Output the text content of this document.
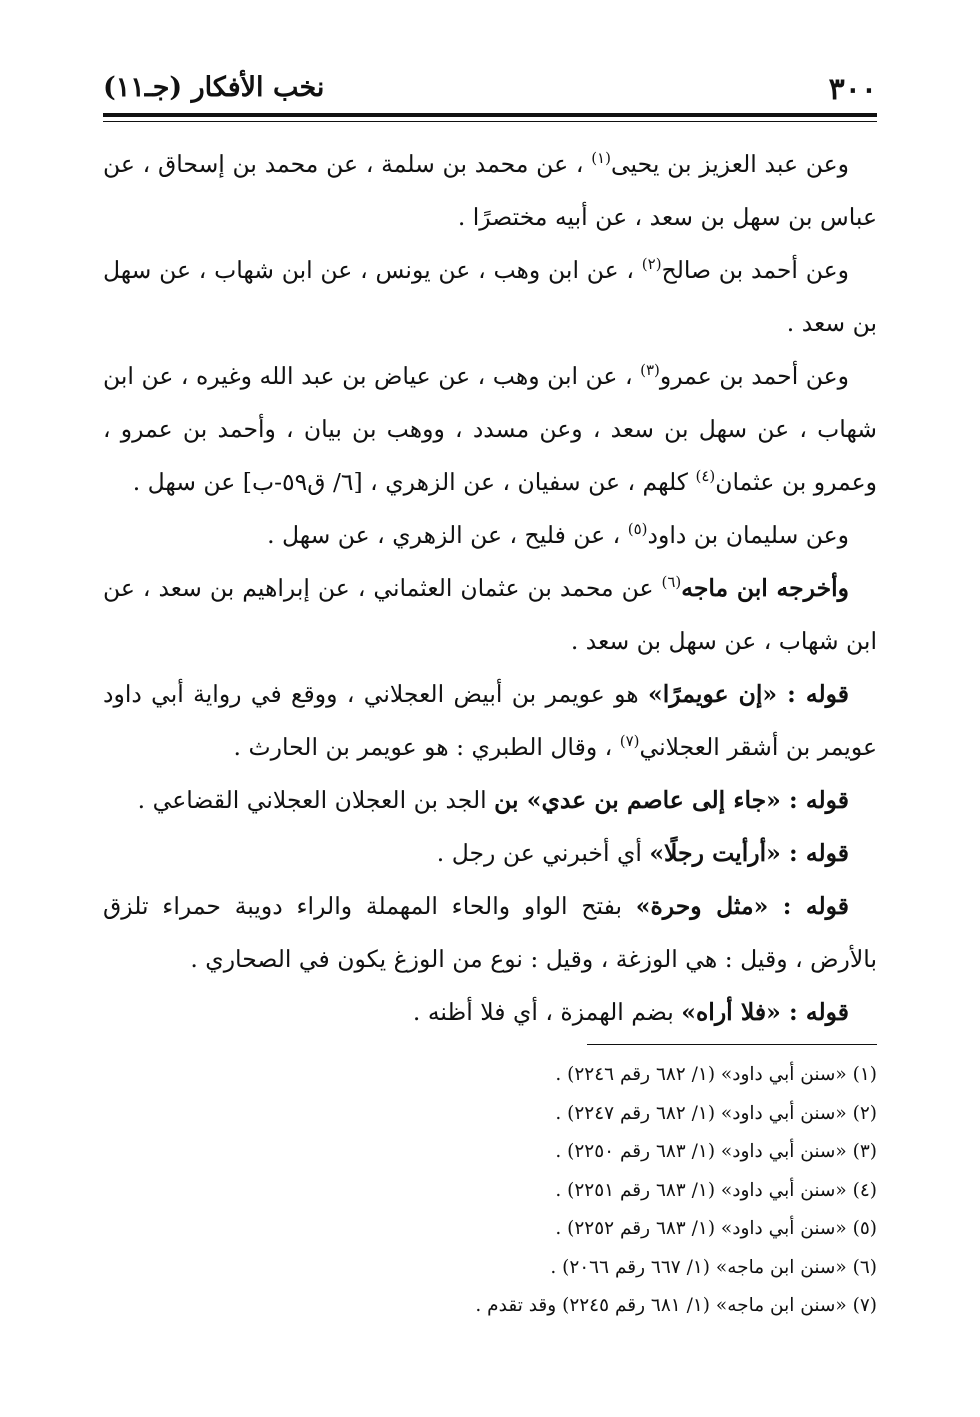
٣٠٠
نخب الأفكار (جـ١١)

وعن عبد العزيز بن يحيى$^{(١)}$ ، عن محمد بن سلمة ، عن محمد بن إسحاق ، عن عباس بن سهل بن سعد ، عن أبيه مختصرًا .

وعن أحمد بن صالح$^{(٢)}$ ، عن ابن وهب ، عن يونس ، عن ابن شهاب ، عن سهل بن سعد .

وعن أحمد بن عمرو$^{(٣)}$ ، عن ابن وهب ، عن عياض بن عبد الله وغيره ، عن ابن شهاب ، عن سهل بن سعد ، وعن مسدد ، ووهب بن بيان ، وأحمد بن عمرو ، وعمرو بن عثمان$^{(٤)}$ كلهم ، عن سفيان ، عن الزهري ، [٦/ ق٥٩-ب] عن سهل .

وعن سليمان بن داود$^{(٥)}$ ، عن فليح ، عن الزهري ، عن سهل .

وأخرجه ابن ماجه$^{(٦)}$ عن محمد بن عثمان العثماني ، عن إبراهيم بن سعد ، عن ابن شهاب ، عن سهل بن سعد .

قوله : «إن عويمرًا» هو عويمر بن أبيض العجلاني ، ووقع في رواية أبي داود عويمر بن أشقر العجلاني$^{(٧)}$ ، وقال الطبري : هو عويمر بن الحارث .

قوله : «جاء إلى عاصم بن عدي» بن الجد بن العجلان العجلاني القضاعي .

قوله : «أرأيت رجلًا» أي أخبرني عن رجل .

قوله : «مثل وحرة» بفتح الواو والحاء المهملة والراء دويبة حمراء تلزق بالأرض ، وقيل : هي الوزغة ، وقيل : نوع من الوزغ يكون في الصحاري .

قوله : «فلا أراه» بضم الهمزة ، أي فلا أظنه .

(١) «سنن أبي داود» (١/ ٦٨٢ رقم ٢٢٤٦) .
(٢) «سنن أبي داود» (١/ ٦٨٢ رقم ٢٢٤٧) .
(٣) «سنن أبي داود» (١/ ٦٨٣ رقم ٢٢٥٠) .
(٤) «سنن أبي داود» (١/ ٦٨٣ رقم ٢٢٥١) .
(٥) «سنن أبي داود» (١/ ٦٨٣ رقم ٢٢٥٢) .
(٦) «سنن ابن ماجه» (١/ ٦٦٧ رقم ٢٠٦٦) .
(٧) «سنن ابن ماجه» (١/ ٦٨١ رقم ٢٢٤٥) وقد تقدم .
